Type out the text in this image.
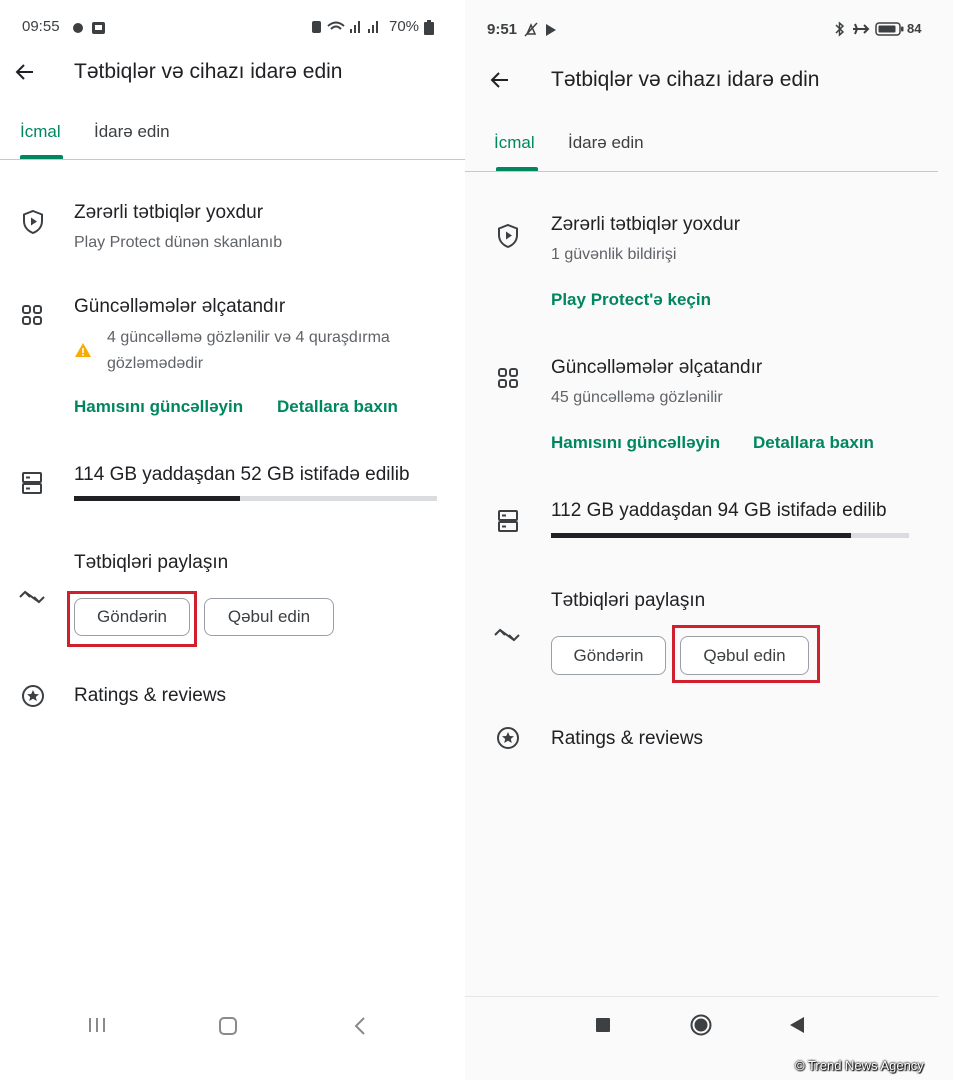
09:55	70%
Tətbiqlər və cihazı idarə edin
İcmal İdarə edin
Zərərli tətbiqlər yoxdur
Play Protect dünən skanlanıb
Güncəlləmələr əlçatandır
4 güncəlləmə gözlənilir və 4 quraşdırma
gözləmədədir
Hamısını güncəlləyin Detallara baxın
114 GB yaddaşdan 52 GB istifadə edilib
Tətbiqləri paylaşın
Göndərin	Qəbul edin
Ratings & reviews
9:51	84
Tətbiqlər və cihazı idarə edin
İcmal İdarə edin
Zərərli tətbiqlər yoxdur
1 güvənlik bildirişi
Play Protect'ə keçin
Güncəlləmələr əlçatandır
45 güncəlləmə gözlənilir
Hamısını güncəlləyin Detallara baxın
112 GB yaddaşdan 94 GB istifadə edilib
Tətbiqləri paylaşın
Göndərin	Qəbul edin
Ratings & reviews
© Trend News Agency
